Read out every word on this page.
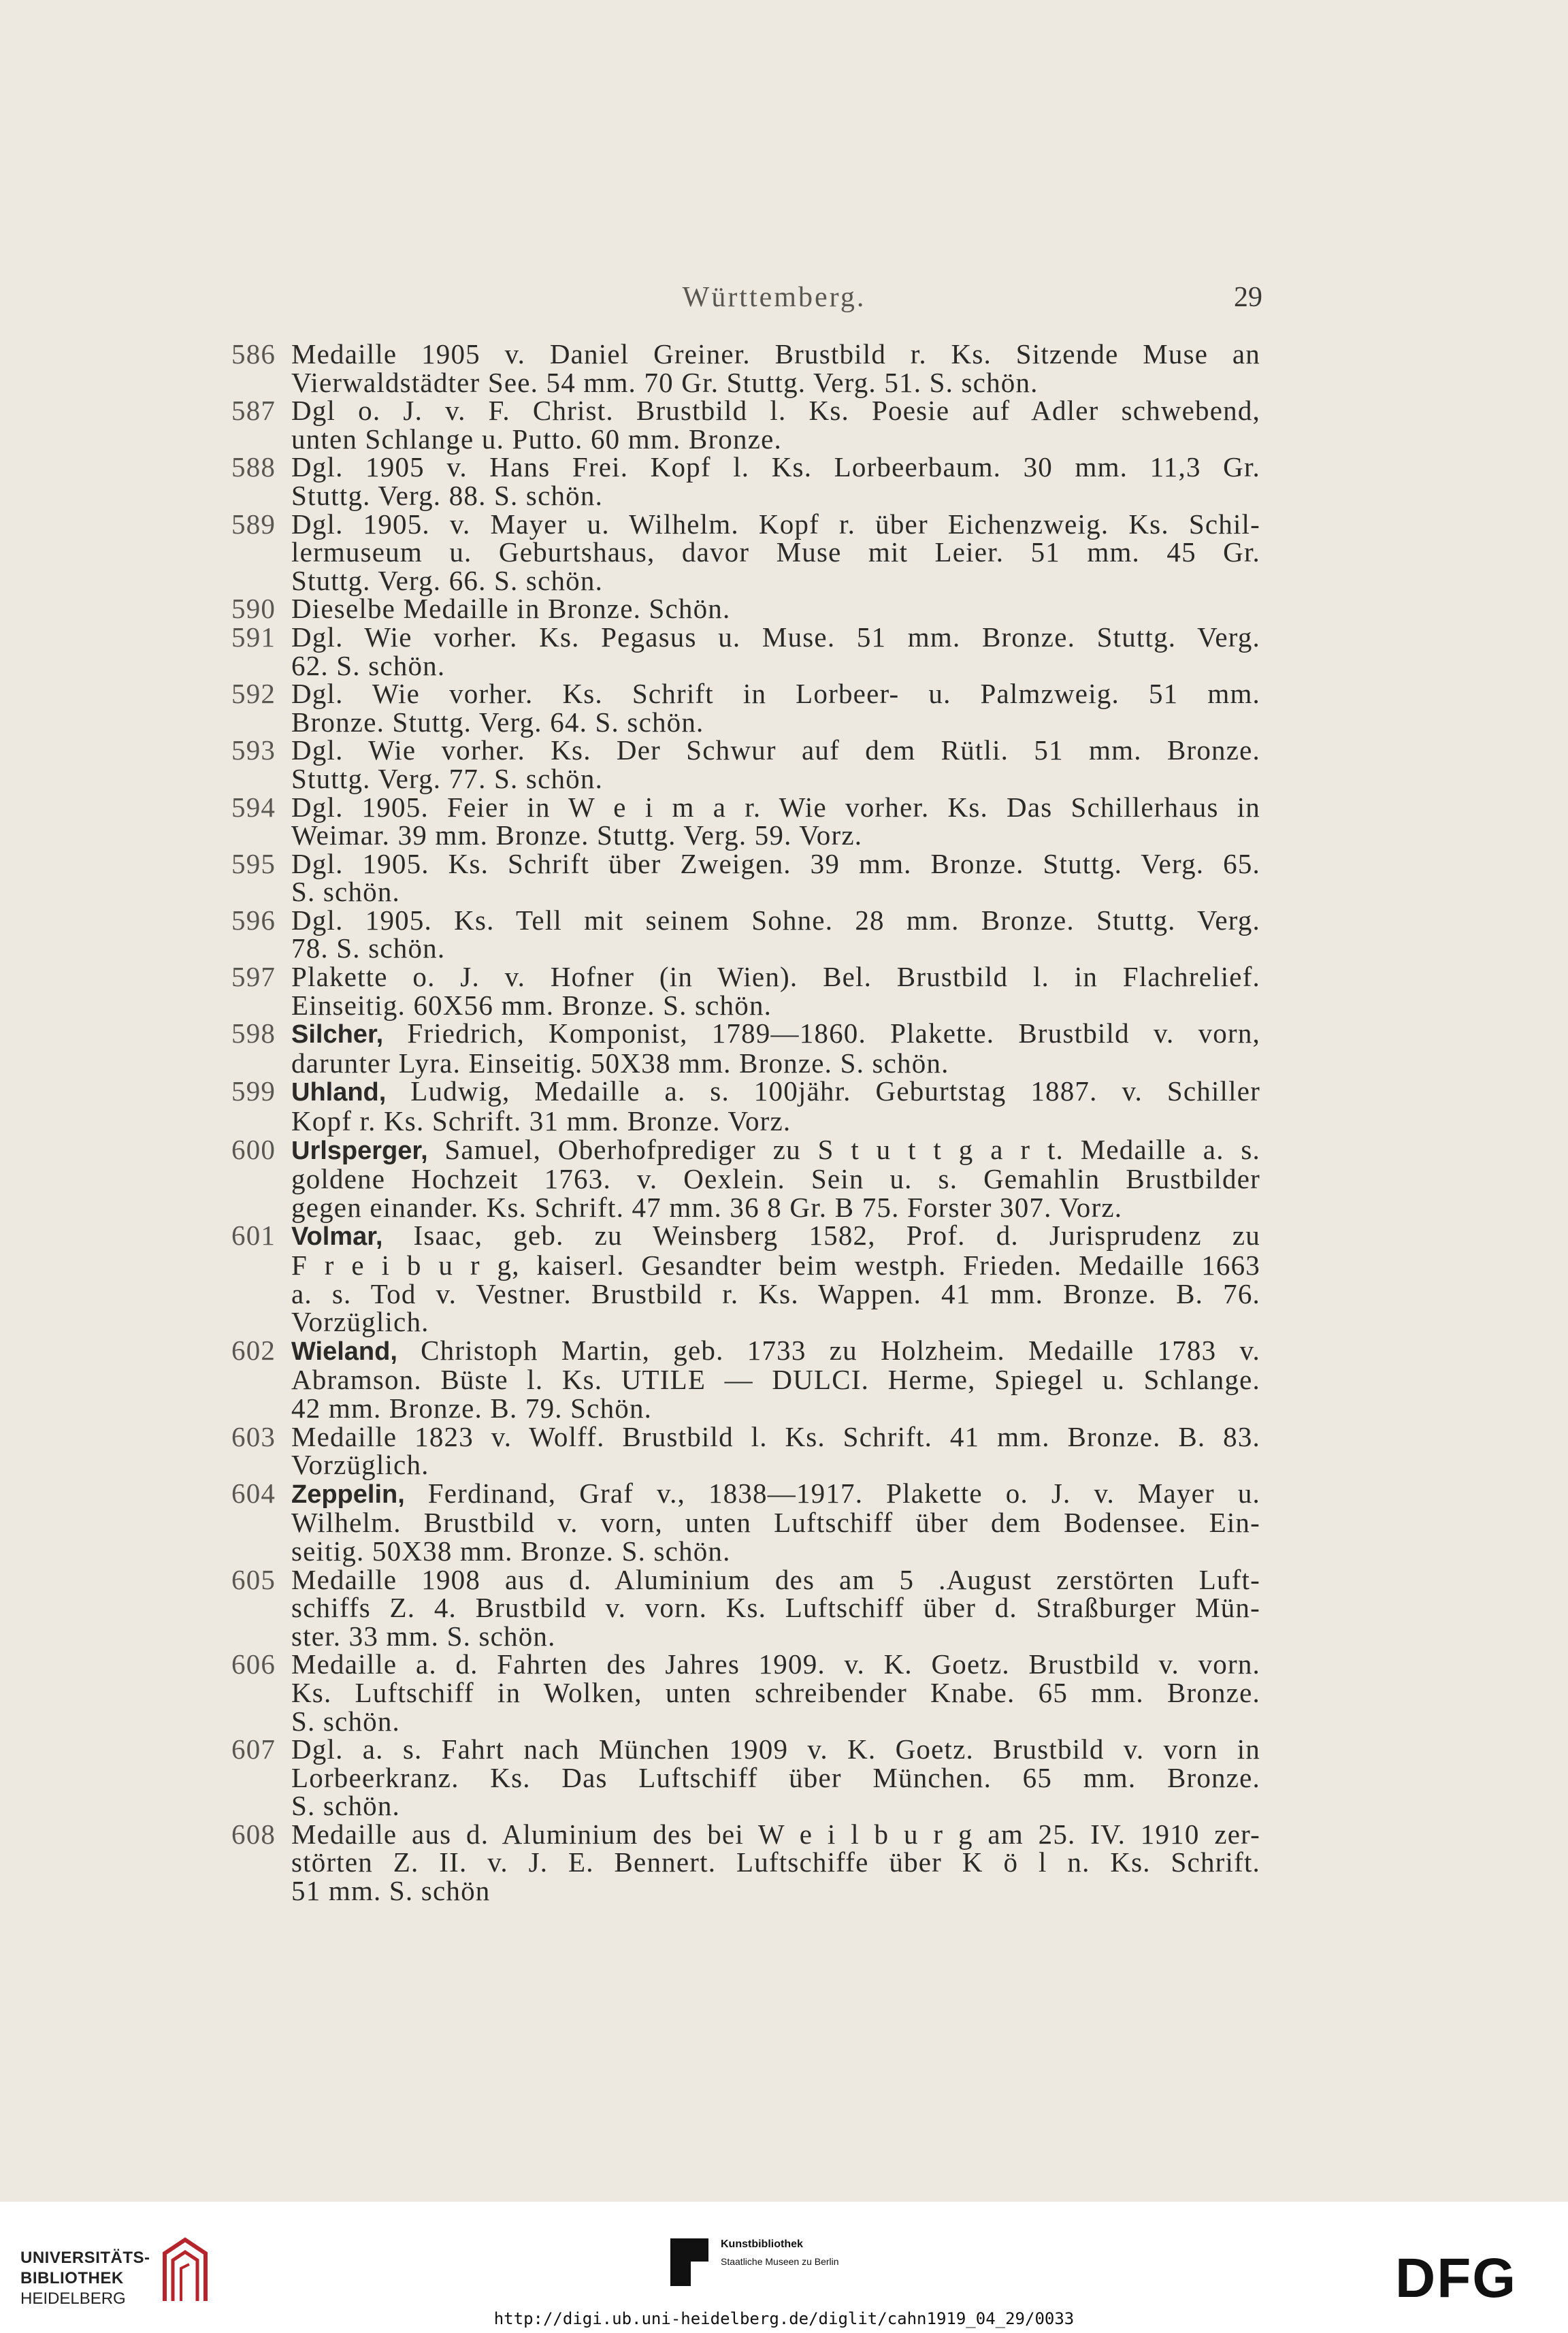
Württemberg.	29
586 Medaille 1905 v. Daniel Greiner. Brustbild r. Ks. Sitzende Muse an
Vierwaldstädter See. 54 mm. 70 Gr. Stuttg. Verg. 51. S. schön.
587 Dgl o. J. v. F. Christ. Brustbild l. Ks. Poesie auf Adler schwebend,
unten Schlange u. Putto. 60 mm. Bronze.
588 Dgl. 1905 v. Hans Frei. Kopf l. Ks. Lorbeerbaum. 30 mm. 11,3 Gr.
Stuttg. Verg. 88. S. schön.
589 Dgl. 1905. v. Mayer u. Wilhelm. Kopf r. über Eichenzweig. Ks. Schil-
lermuseum u. Geburtshaus, davor Muse mit Leier. 51 mm. 45 Gr.
Stuttg. Verg. 66. S. schön.
590 Dieselbe Medaille in Bronze. Schön.
591 Dgl. Wie vorher. Ks. Pegasus u. Muse. 51 mm. Bronze. Stuttg. Verg.
62. S. schön.
592 Dgl. Wie vorher. Ks. Schrift in Lorbeer- u. Palmzweig. 51 mm.
Bronze. Stuttg. Verg. 64. S. schön.
593 Dgl. Wie vorher. Ks. Der Schwur auf dem Rütli. 51 mm. Bronze.
Stuttg. Verg. 77. S. schön.
594 Dgl. 1905. Feier in W e i m a r. Wie vorher. Ks. Das Schillerhaus in
Weimar. 39 mm. Bronze. Stuttg. Verg. 59. Vorz.
595 Dgl. 1905. Ks. Schrift über Zweigen. 39 mm. Bronze. Stuttg. Verg. 65.
S. schön.
596 Dgl. 1905. Ks. Tell mit seinem Sohne. 28 mm. Bronze. Stuttg. Verg.
78. S. schön.
597 Plakette o. J. v. Hofner (in Wien). Bel. Brustbild l. in Flachrelief.
Einseitig. 60X56 mm. Bronze. S. schön.
598 Silcher, Friedrich, Komponist, 1789—1860. Plakette. Brustbild v. vorn,
darunter Lyra. Einseitig. 50X38 mm. Bronze. S. schön.
599 Uhland, Ludwig, Medaille a. s. 100jähr. Geburtstag 1887. v. Schiller
Kopf r. Ks. Schrift. 31 mm. Bronze. Vorz.
600 Urlsperger, Samuel, Oberhofprediger zu S t u t t g a r t. Medaille a. s.
goldene Hochzeit 1763. v. Oexlein. Sein u. s. Gemahlin Brustbilder
gegen einander. Ks. Schrift. 47 mm. 36 8 Gr. B 75. Forster 307. Vorz.
601 Volmar, Isaac, geb. zu Weinsberg 1582, Prof. d. Jurisprudenz zu
F r e i b u r g, kaiserl. Gesandter beim westph. Frieden. Medaille 1663
a. s. Tod v. Vestner. Brustbild r. Ks. Wappen. 41 mm. Bronze. B. 76.
Vorzüglich.
602 Wieland, Christoph Martin, geb. 1733 zu Holzheim. Medaille 1783 v.
Abramson. Büste l. Ks. UTILE — DULCI. Herme, Spiegel u. Schlange.
42 mm. Bronze. B. 79. Schön.
603 Medaille 1823 v. Wolff. Brustbild l. Ks. Schrift. 41 mm. Bronze. B. 83.
Vorzüglich.
604 Zeppelin, Ferdinand, Graf v., 1838—1917. Plakette o. J. v. Mayer u.
Wilhelm. Brustbild v. vorn, unten Luftschiff über dem Bodensee. Ein-
seitig. 50X38 mm. Bronze. S. schön.
605 Medaille 1908 aus d. Aluminium des am 5 .August zerstörten Luft-
schiffs Z. 4. Brustbild v. vorn. Ks. Luftschiff über d. Straßburger Mün-
ster. 33 mm. S. schön.
606 Medaille a. d. Fahrten des Jahres 1909. v. K. Goetz. Brustbild v. vorn.
Ks. Luftschiff in Wolken, unten schreibender Knabe. 65 mm. Bronze.
S. schön.
607 Dgl. a. s. Fahrt nach München 1909 v. K. Goetz. Brustbild v. vorn in
Lorbeerkranz. Ks. Das Luftschiff über München. 65 mm. Bronze.
S. schön.
608 Medaille aus d. Aluminium des bei W e i l b u r g am 25. IV. 1910 zer-
störten Z. II. v. J. E. Bennert. Luftschiffe über K ö l n. Ks. Schrift.
51 mm. S. schön
UNIVERSITÄTS-
BIBLIOTHEK
HEIDELBERG
Kunstbibliothek
Staatliche Museen zu Berlin	DFG
http://digi.ub.uni-heidelberg.de/diglit/cahn1919_04_29/0033
